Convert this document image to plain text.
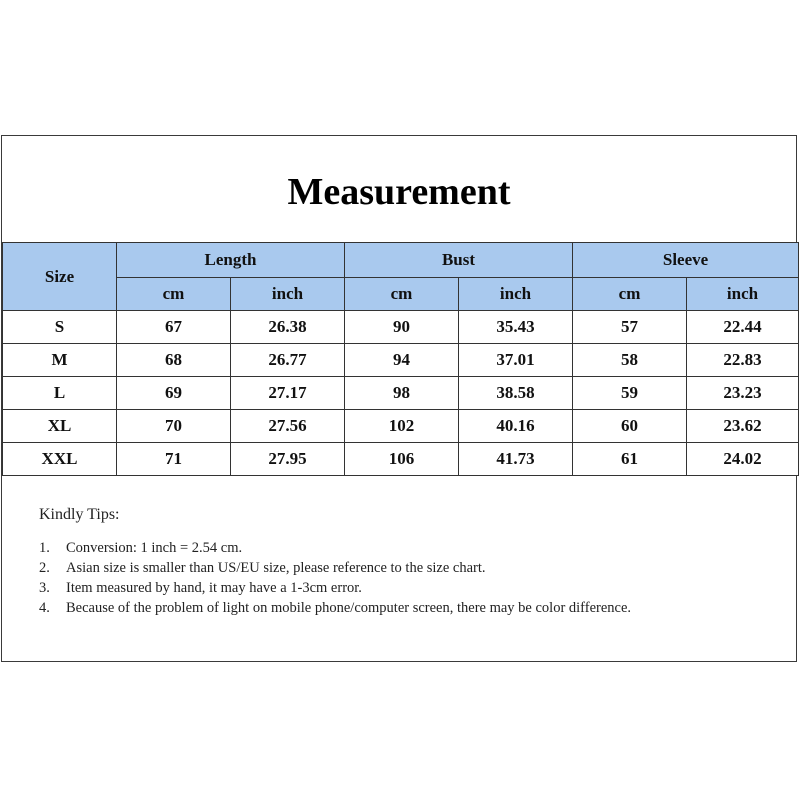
Measurement
Size	Length		Bust		Sleeve	
	cm	inch	cm	inch	cm	inch
S	67	26.38	90	35.43	57	22.44
M	68	26.77	94	37.01	58	22.83
L	69	27.17	98	38.58	59	23.23
XL	70	27.56	102	40.16	60	23.62
XXL	71	27.95	106	41.73	61	24.02
Kindly Tips:
1.	Conversion: 1 inch = 2.54 cm.
2.	Asian size is smaller than US/EU size, please reference to the size chart.
3.	Item measured by hand, it may have a 1-3cm error.
4.	Because of the problem of light on mobile phone/computer screen, there may be color difference.
